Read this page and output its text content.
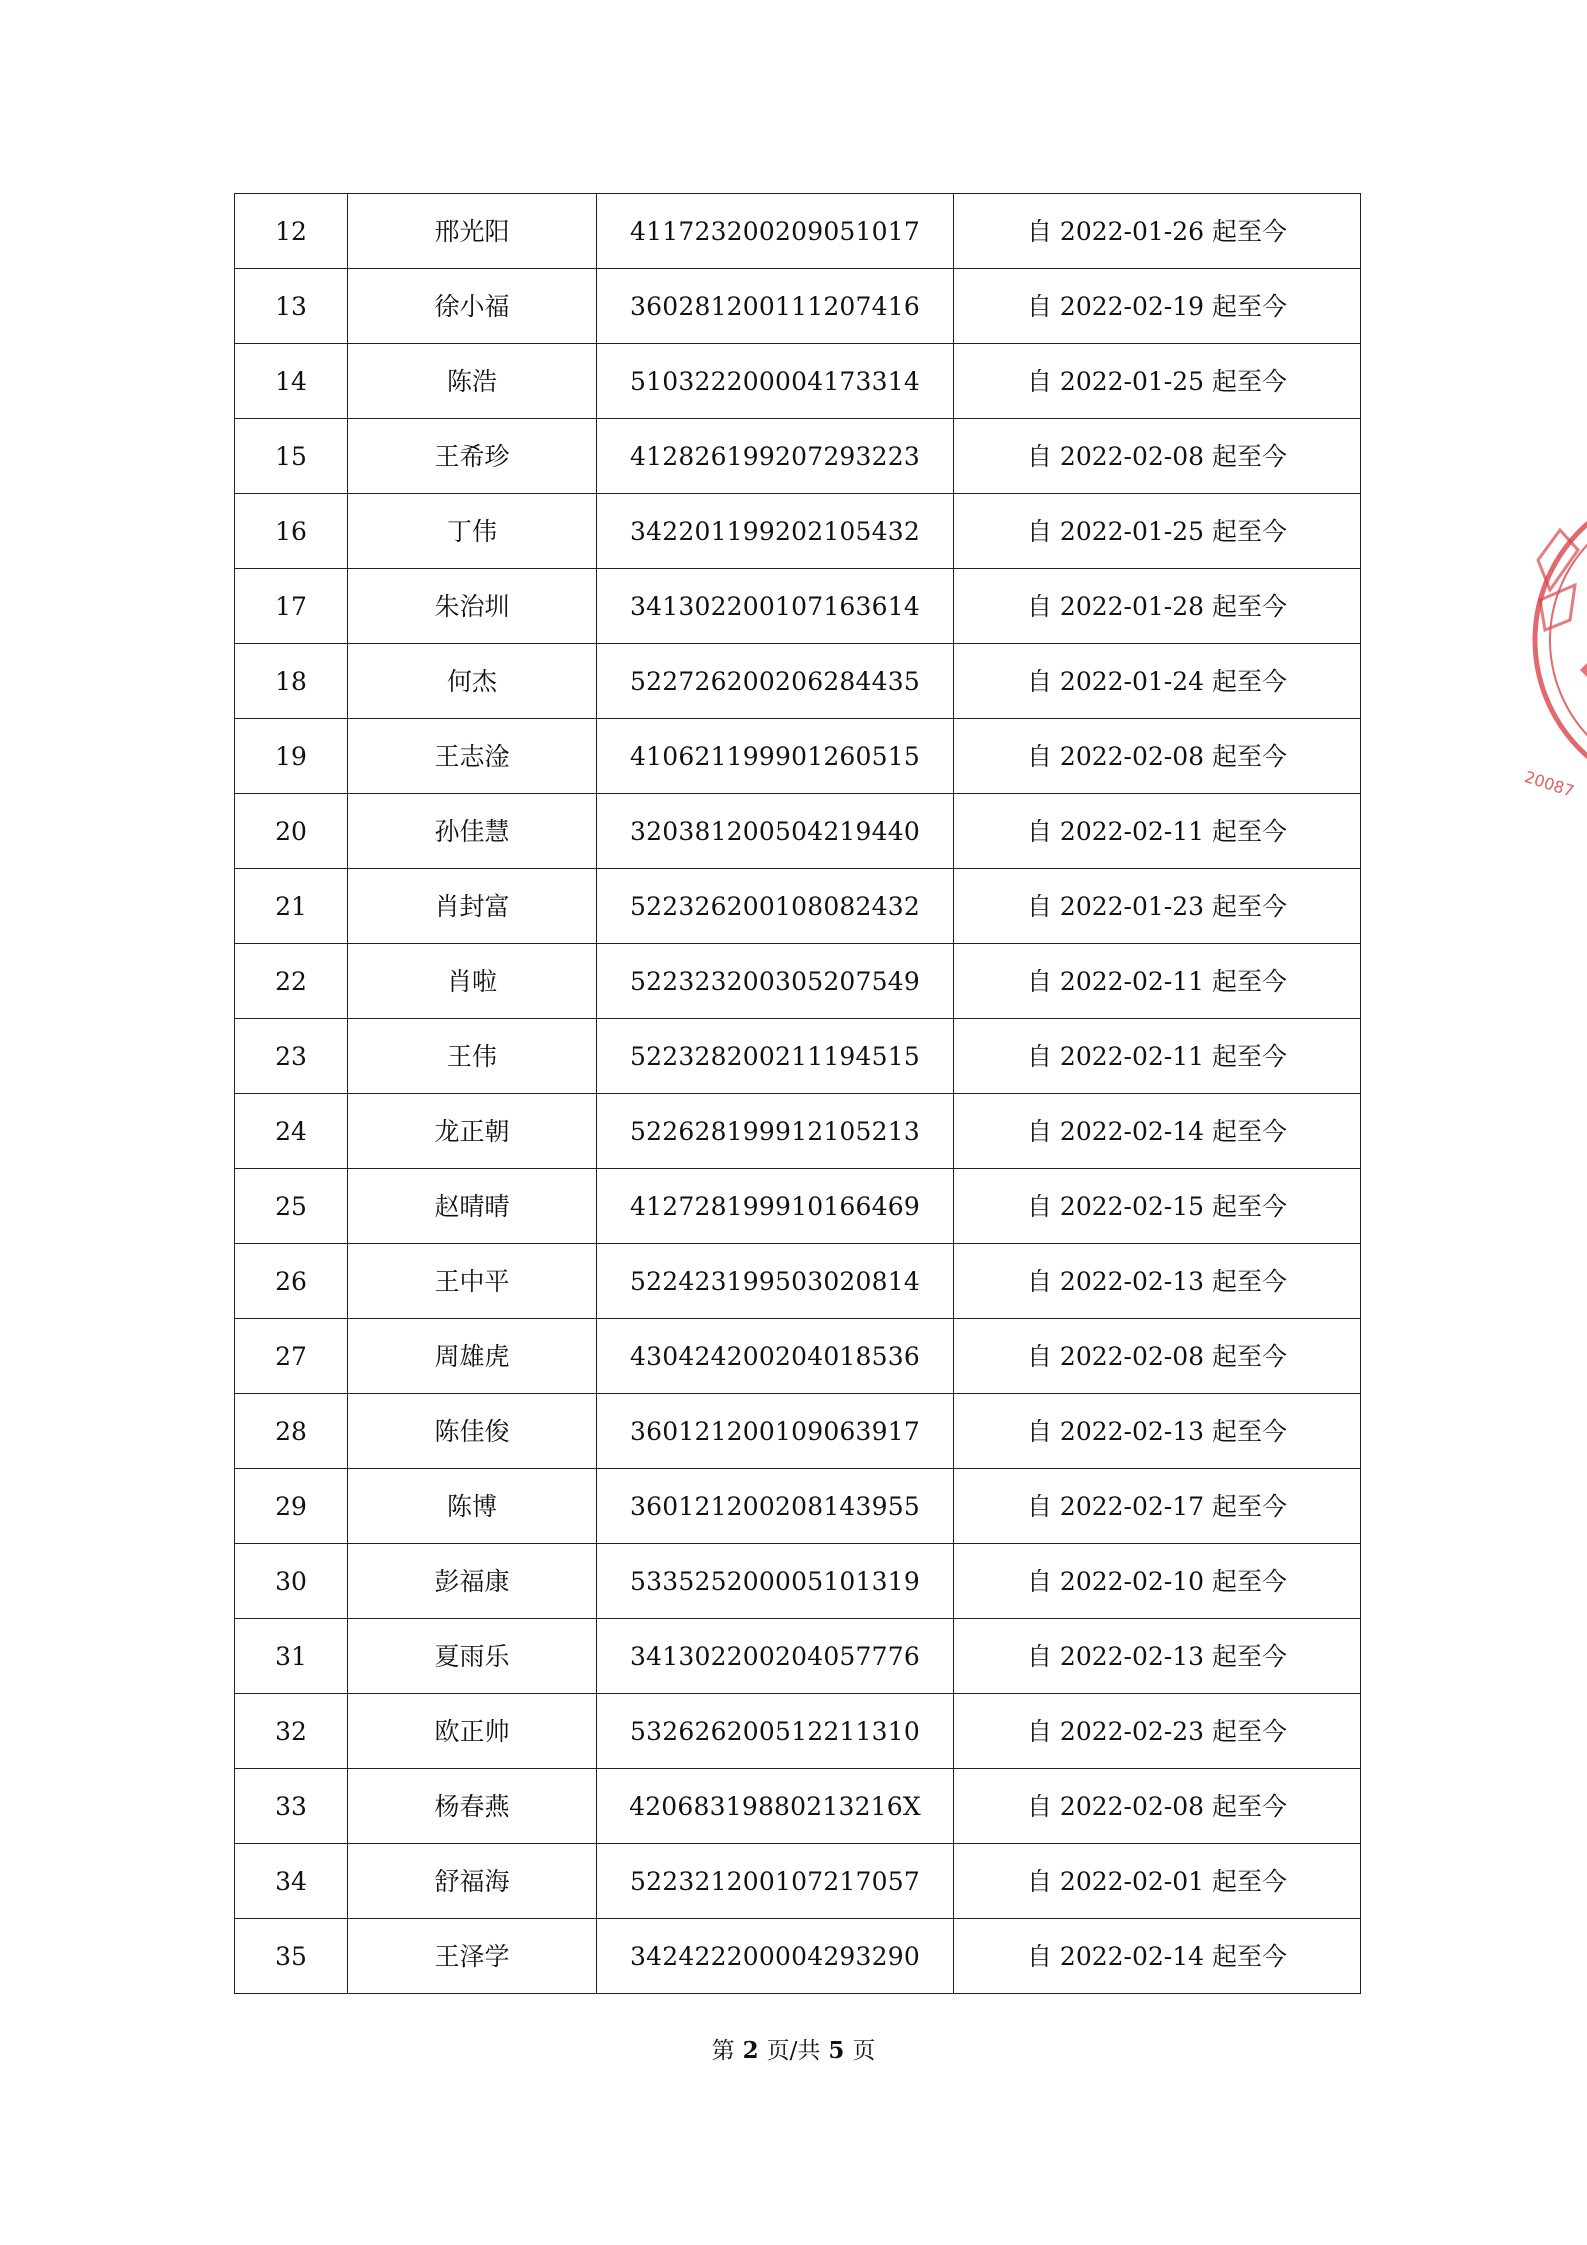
12	邢光阳	411723200209051017	自 2022-01-26 起至今
13	徐小福	360281200111207416	自 2022-02-19 起至今
14	陈浩	510322200004173314	自 2022-01-25 起至今
15	王希珍	412826199207293223	自 2022-02-08 起至今
16	丁伟	342201199202105432	自 2022-01-25 起至今
17	朱治圳	341302200107163614	自 2022-01-28 起至今
18	何杰	522726200206284435	自 2022-01-24 起至今
19	王志淦	410621199901260515	自 2022-02-08 起至今
20	孙佳慧	320381200504219440	自 2022-02-11 起至今
21	肖封富	522326200108082432	自 2022-01-23 起至今
22	肖啦	522323200305207549	自 2022-02-11 起至今
23	王伟	522328200211194515	自 2022-02-11 起至今
24	龙正朝	522628199912105213	自 2022-02-14 起至今
25	赵晴晴	412728199910166469	自 2022-02-15 起至今
26	王中平	522423199503020814	自 2022-02-13 起至今
27	周雄虎	430424200204018536	自 2022-02-08 起至今
28	陈佳俊	360121200109063917	自 2022-02-13 起至今
29	陈博	360121200208143955	自 2022-02-17 起至今
30	彭福康	533525200005101319	自 2022-02-10 起至今
31	夏雨乐	341302200204057776	自 2022-02-13 起至今
32	欧正帅	532626200512211310	自 2022-02-23 起至今
33	杨春燕	42068319880213216X	自 2022-02-08 起至今
34	舒福海	522321200107217057	自 2022-02-01 起至今
35	王泽学	342422200004293290	自 2022-02-14 起至今
第 2 页/共 5 页
20087
